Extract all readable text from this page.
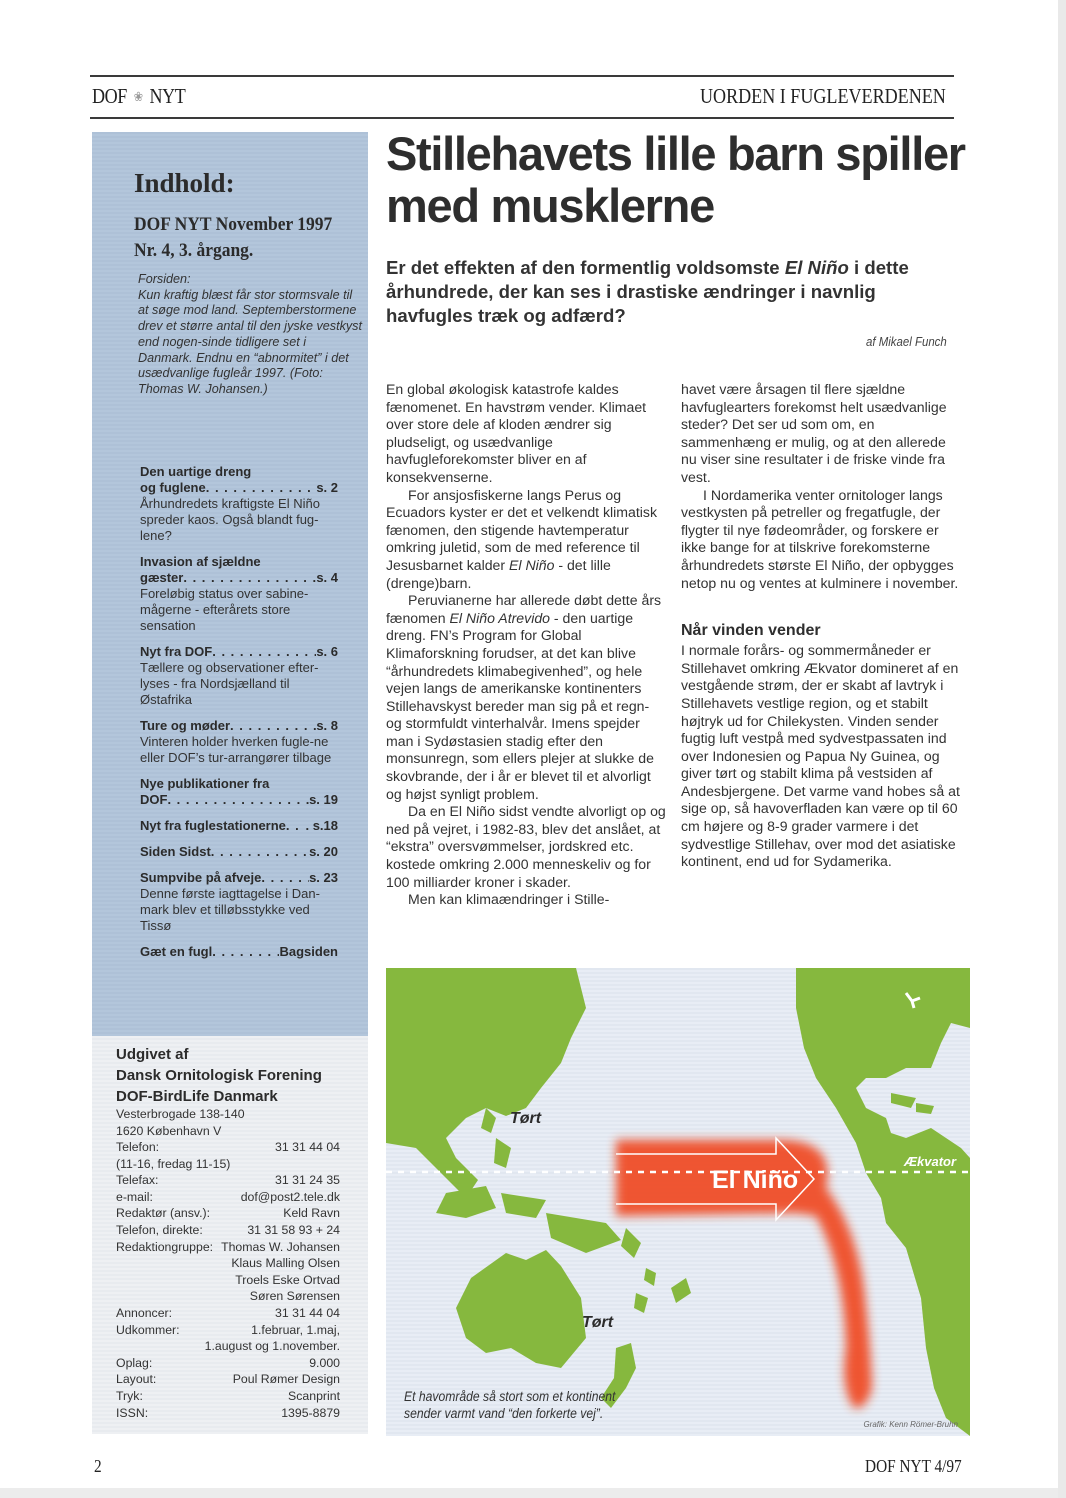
DOF ❀ NYT	UORDEN I FUGLEVERDENEN
Indhold:
DOF NYT November 1997
Nr. 4, 3. årgang.
Forsiden:
Kun kraftig blæst får stor stormsvale til at søge mod land. Septemberstormene drev et større antal til den jyske vestkyst end nogen-sinde tidligere set i Danmark. Endnu en “abnormitet” i det usædvanlige fugleår 1997. (Foto: Thomas W. Johansen.)
Den uartige dreng
og fuglene . . .	s. 2
Århundredets kraftigste El Niño spreder kaos. Også blandt fug-lene?
Invasion af sjældne
gæster . . .	s. 4
Foreløbig status over sabine-mågerne - efterårets store sensation
Nyt fra DOF . . .	s. 6
Tællere og observationer efter-lyses - fra Nordsjælland til Østafrika
Ture og møder . . .	s. 8
Vinteren holder hverken fugle-ne eller DOF’s tur-arrangører tilbage
Nye publikationer fra
DOF . . .	s. 19
Nyt fra fuglestationerne . . . . s.18
Siden Sidst . . .	s. 20
Sumpvibe på afveje . . .	s. 23
Denne første iagttagelse i Dan-mark blev et tilløbsstykke ved Tissø
Gæt en fugl . . .	Bagsiden
Udgivet af
Dansk Ornitologisk Forening
DOF-BirdLife Danmark
Vesterbrogade 138-140
1620 København V
Telefon:	31 31 44 04
(11-16, fredag 11-15)
Telefax:	31 31 24 35
e-mail:	dof@post2.tele.dk
Redaktør (ansv.):	Keld Ravn
Telefon, direkte:	31 31 58 93 + 24
Redaktiongruppe: Thomas W. Johansen
Klaus Malling Olsen
Troels Eske Ortvad
Søren Sørensen
Annoncer:	31 31 44 04
Udkommer:	1.februar, 1.maj,
1.august og 1.november.
Oplag:	9.000
Layout:	Poul Rømer Design
Tryk:	Scanprint
ISSN:	1395-8879
Stillehavets lille barn spiller med musklerne
Er det effekten af den formentlig voldsomste El Niño i dette århundrede, der kan ses i drastiske ændringer i navnlig havfugles træk og adfærd?
af Mikael Funch

En global økologisk katastrofe kaldes fænomenet. En havstrøm vender. Klimaet over store dele af kloden ændrer sig pludseligt, og usædvanlige havfugleforekomster bliver en af konsekvenserne.

For ansjosfiskerne langs Perus og Ecuadors kyster er det et velkendt klimatisk fænomen, den stigende havtemperatur omkring juletid, som de med reference til Jesusbarnet kalder El Niño - det lille (drenge)barn.

Peruvianerne har allerede døbt dette års fænomen El Niño Atrevido - den uartige dreng. FN’s Program for Global Klimaforskning forudser, at det kan blive “århundredets klimabegivenhed”, og hele vejen langs de amerikanske kontinenters Stillehavskyst bereder man sig på et regn- og stormfuldt vinterhalvår. Imens spejder man i Sydøstasien stadig efter den monsunregn, som ellers plejer at slukke de skovbrande, der i år er blevet til et alvorligt og højst synligt problem.

Da en El Niño sidst vendte alvorligt op og ned på vejret, i 1982-83, blev det anslået, at “ekstra” oversvømmelser, jordskred etc. kostede omkring 2.000 menneskeliv og for 100 milliarder kroner i skader.

Men kan klimaændringer i Stille-

havet være årsagen til flere sjældne havfuglearters forekomst helt usædvanlige steder? Det ser ud som om, en sammenhæng er mulig, og at den allerede nu viser sine resultater i de friske vinde fra vest.

I Nordamerika venter ornitologer langs vestkysten på petreller og fregatfugle, der flygter til nye fødeområder, og forskere er ikke bange for at tilskrive forekomsterne århundredets største El Niño, der opbygges netop nu og ventes at kulminere i november.

Når vinden vender

I normale forårs- og sommermåneder er Stillehavet omkring Ækvator domineret af en vestgående strøm, der er skabt af lavtryk i Stillehavets vestlige region, og et stabilt højtryk ud for Chilekysten. Vinden sender fugtig luft vestpå med sydvestpassaten ind over Indonesien og Papua Ny Guinea, og giver tørt og stabilt klima på vestsiden af Andesbjergene. Det varme vand hobes så at sige op, så havoverfladen kan være op til 60 cm højere og 8-9 grader varmere i det sydvestlige Stillehav, over mod det asiatiske kontinent, end ud for Sydamerika.

Tørt
Tørt
El Niño
Ækvator
Et havområde så stort som et kontinent
sender varmt vand “den forkerte vej”.
Grafik: Kenn Römer-Bruhn
2	DOF NYT 4/97
